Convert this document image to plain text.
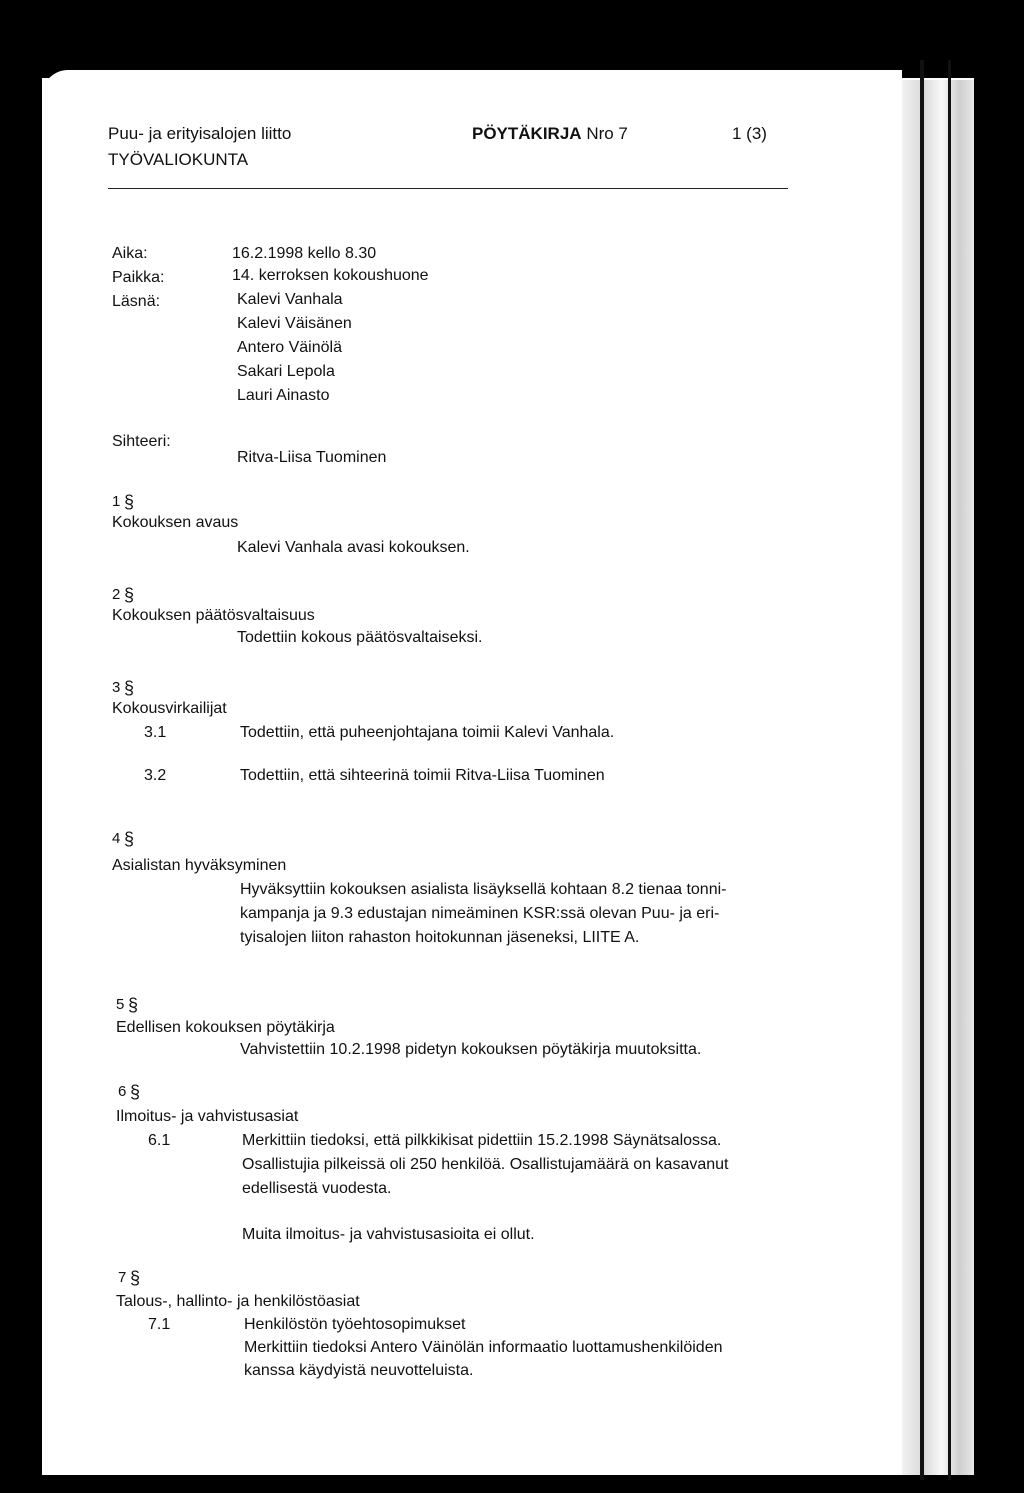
Puu- ja erityisalojen liitto
TYÖVALIOKUNTA
PÖYTÄKIRJA Nro 7	1 (3)
Aika:	16.2.1998 kello 8.30
Paikka:	14. kerroksen kokoushuone
Läsnä:	Kalevi Vanhala
Kalevi Väisänen
Antero Väinölä
Sakari Lepola
Lauri Ainasto
Sihteeri:
Ritva-Liisa Tuominen
1 §
Kokouksen avaus
Kalevi Vanhala avasi kokouksen.
2 §
Kokouksen päätösvaltaisuus
Todettiin kokous päätösvaltaiseksi.
3 §
Kokousvirkailijat
3.1	Todettiin, että puheenjohtajana toimii Kalevi Vanhala.
3.2	Todettiin, että sihteerinä toimii Ritva-Liisa Tuominen
4 §
Asialistan hyväksyminen
Hyväksyttiin kokouksen asialista lisäyksellä kohtaan 8.2 tienaa tonni-
kampanja ja 9.3 edustajan nimeäminen KSR:ssä olevan Puu- ja eri-
tyisalojen liiton rahaston hoitokunnan jäseneksi, LIITE A.
5 §
Edellisen kokouksen pöytäkirja
Vahvistettiin 10.2.1998 pidetyn kokouksen pöytäkirja muutoksitta.
6 §
Ilmoitus- ja vahvistusasiat
6.1	Merkittiin tiedoksi, että pilkkikisat pidettiin 15.2.1998 Säynätsalossa.
Osallistujia pilkeissä oli 250 henkilöä. Osallistujamäärä on kasavanut
edellisestä vuodesta.
Muita ilmoitus- ja vahvistusasioita ei ollut.
7 §
Talous-, hallinto- ja henkilöstöasiat
7.1	Henkilöstön työehtosopimukset
Merkittiin tiedoksi Antero Väinölän informaatio luottamushenkilöiden
kanssa käydyistä neuvotteluista.
